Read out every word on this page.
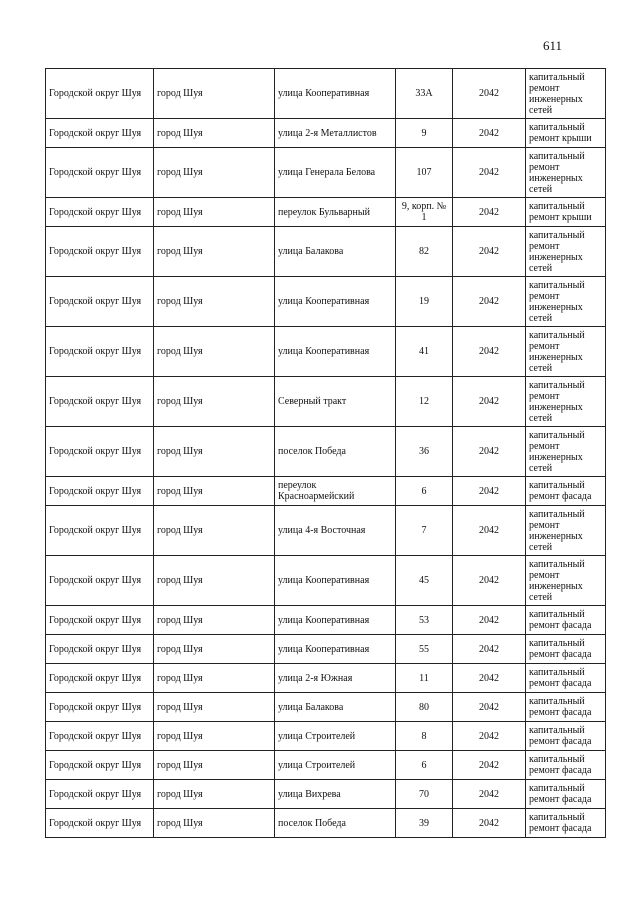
611
Городской округ Шуя	город Шуя	улица Кооперативная	33А	2042	капитальный ремонт инженерных сетей
Городской округ Шуя	город Шуя	улица 2-я Металлистов	9	2042	капитальный ремонт крыши
Городской округ Шуя	город Шуя	улица Генерала Белова	107	2042	капитальный ремонт инженерных сетей
Городской округ Шуя	город Шуя	переулок Бульварный	9, корп. № 1	2042	капитальный ремонт крыши
Городской округ Шуя	город Шуя	улица Балакова	82	2042	капитальный ремонт инженерных сетей
Городской округ Шуя	город Шуя	улица Кооперативная	19	2042	капитальный ремонт инженерных сетей
Городской округ Шуя	город Шуя	улица Кооперативная	41	2042	капитальный ремонт инженерных сетей
Городской округ Шуя	город Шуя	Северный тракт	12	2042	капитальный ремонт инженерных сетей
Городской округ Шуя	город Шуя	поселок Победа	36	2042	капитальный ремонт инженерных сетей
Городской округ Шуя	город Шуя	переулок Красноармейский	6	2042	капитальный ремонт фасада
Городской округ Шуя	город Шуя	улица 4-я Восточная	7	2042	капитальный ремонт инженерных сетей
Городской округ Шуя	город Шуя	улица Кооперативная	45	2042	капитальный ремонт инженерных сетей
Городской округ Шуя	город Шуя	улица Кооперативная	53	2042	капитальный ремонт фасада
Городской округ Шуя	город Шуя	улица Кооперативная	55	2042	капитальный ремонт фасада
Городской округ Шуя	город Шуя	улица 2-я Южная	11	2042	капитальный ремонт фасада
Городской округ Шуя	город Шуя	улица Балакова	80	2042	капитальный ремонт фасада
Городской округ Шуя	город Шуя	улица Строителей	8	2042	капитальный ремонт фасада
Городской округ Шуя	город Шуя	улица Строителей	6	2042	капитальный ремонт фасада
Городской округ Шуя	город Шуя	улица Вихрева	70	2042	капитальный ремонт фасада
Городской округ Шуя	город Шуя	поселок Победа	39	2042	капитальный ремонт фасада
